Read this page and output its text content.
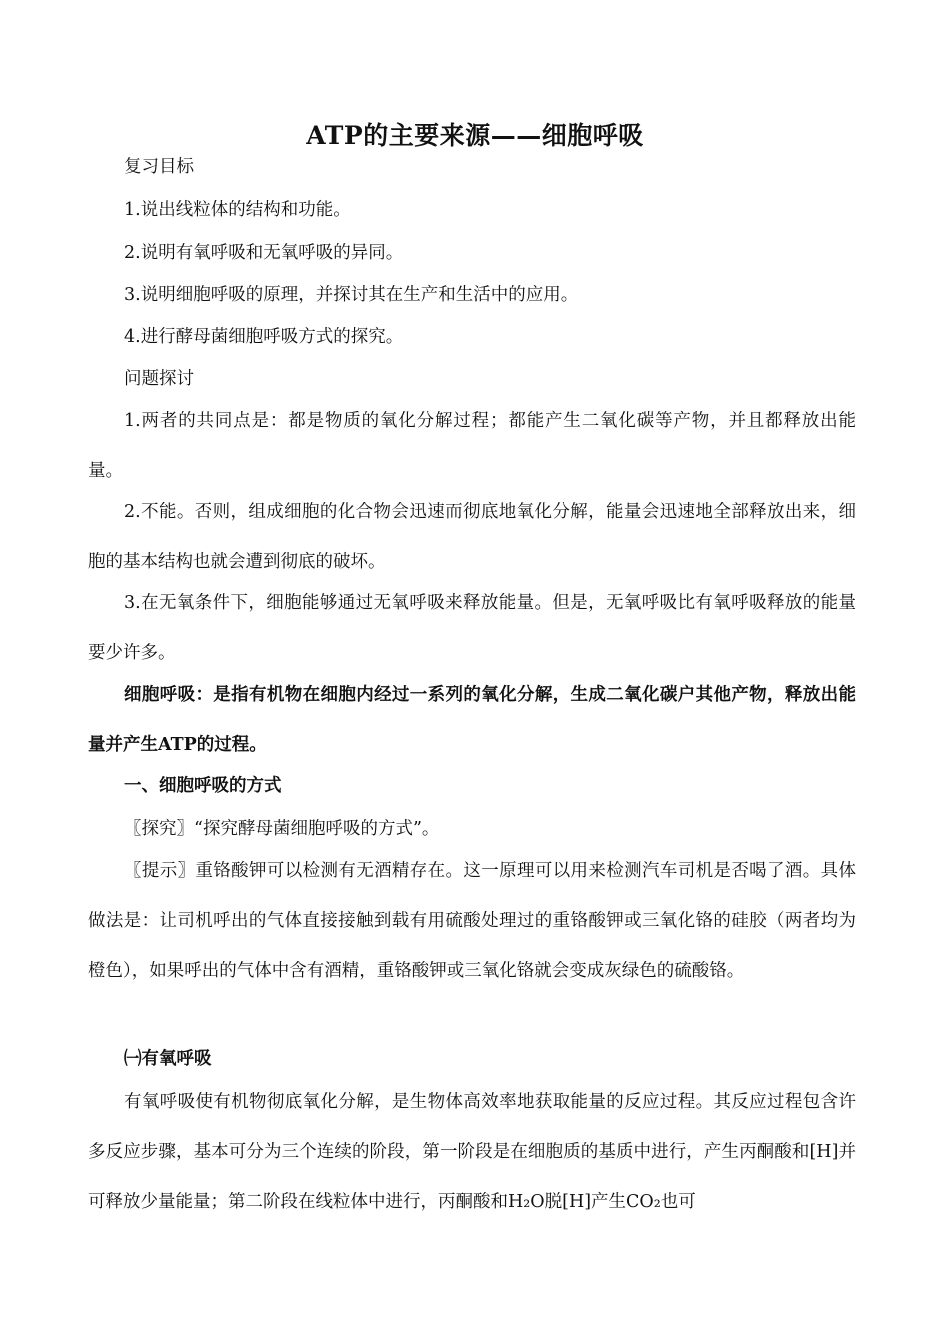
ATP的主要来源——细胞呼吸

复习目标

1.说出线粒体的结构和功能。

2.说明有氧呼吸和无氧呼吸的异同。

3.说明细胞呼吸的原理，并探讨其在生产和生活中的应用。

4.进行酵母菌细胞呼吸方式的探究。

问题探讨

1.两者的共同点是：都是物质的氧化分解过程；都能产生二氧化碳等产物，并且都释放出能量。

2.不能。否则，组成细胞的化合物会迅速而彻底地氧化分解，能量会迅速地全部释放出来，细胞的基本结构也就会遭到彻底的破坏。

3.在无氧条件下，细胞能够通过无氧呼吸来释放能量。但是，无氧呼吸比有氧呼吸释放的能量要少许多。

细胞呼吸：是指有机物在细胞内经过一系列的氧化分解，生成二氧化碳户其他产物，释放出能量并产生ATP的过程。

一、细胞呼吸的方式

〖探究〗“探究酵母菌细胞呼吸的方式”。

〖提示〗重铬酸钾可以检测有无酒精存在。这一原理可以用来检测汽车司机是否喝了酒。具体做法是：让司机呼出的气体直接接触到载有用硫酸处理过的重铬酸钾或三氧化铬的硅胶（两者均为橙色），如果呼出的气体中含有酒精，重铬酸钾或三氧化铬就会变成灰绿色的硫酸铬。

㈠有氧呼吸

有氧呼吸使有机物彻底氧化分解，是生物体高效率地获取能量的反应过程。其反应过程包含许多反应步骤，基本可分为三个连续的阶段，第一阶段是在细胞质的基质中进行，产生丙酮酸和[H]并可释放少量能量；第二阶段在线粒体中进行，丙酮酸和H₂O脱[H]产生CO₂也可
